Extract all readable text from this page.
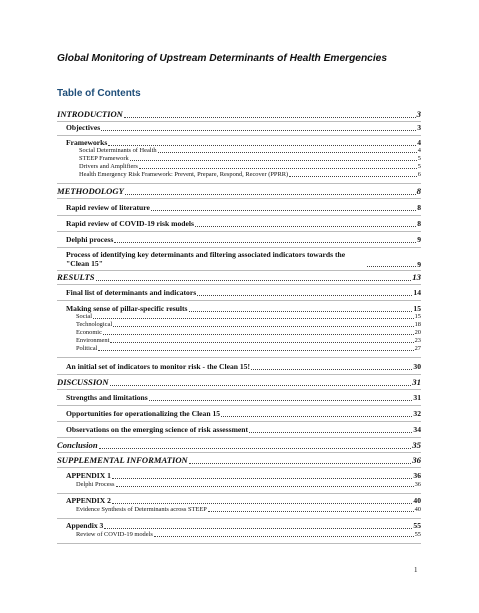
Global Monitoring of Upstream Determinants of Health Emergencies
Table of Contents
INTRODUCTION	3
Objectives	3
Frameworks	4
Social Determinants of Health	4
STEEP Framework	5
Drivers and Amplifiers	5
Health Emergency Risk Framework: Prevent, Prepare, Respond, Recover (PPRR)	6
METHODOLOGY	8
Rapid review of literature	8
Rapid review of COVID-19 risk models	8
Delphi process	9
Process of identifying key determinants and filtering associated indicators towards the "Clean 15"	9
RESULTS	13
Final list of determinants and indicators	14
Making sense of pillar-specific results	15
Social	15
Technological	18
Economic	20
Environment	23
Political	27
An initial set of indicators to monitor risk - the Clean 15!	30
DISCUSSION	31
Strengths and limitations	31
Opportunities for operationalizing the Clean 15	32
Observations on the emerging science of risk assessment	34
Conclusion	35
SUPPLEMENTAL INFORMATION	36
APPENDIX 1	36
Delphi Process	36
APPENDIX 2	40
Evidence Synthesis of Determinants across STEEP	40
Appendix 3	55
Review of COVID-19 models	55
1
